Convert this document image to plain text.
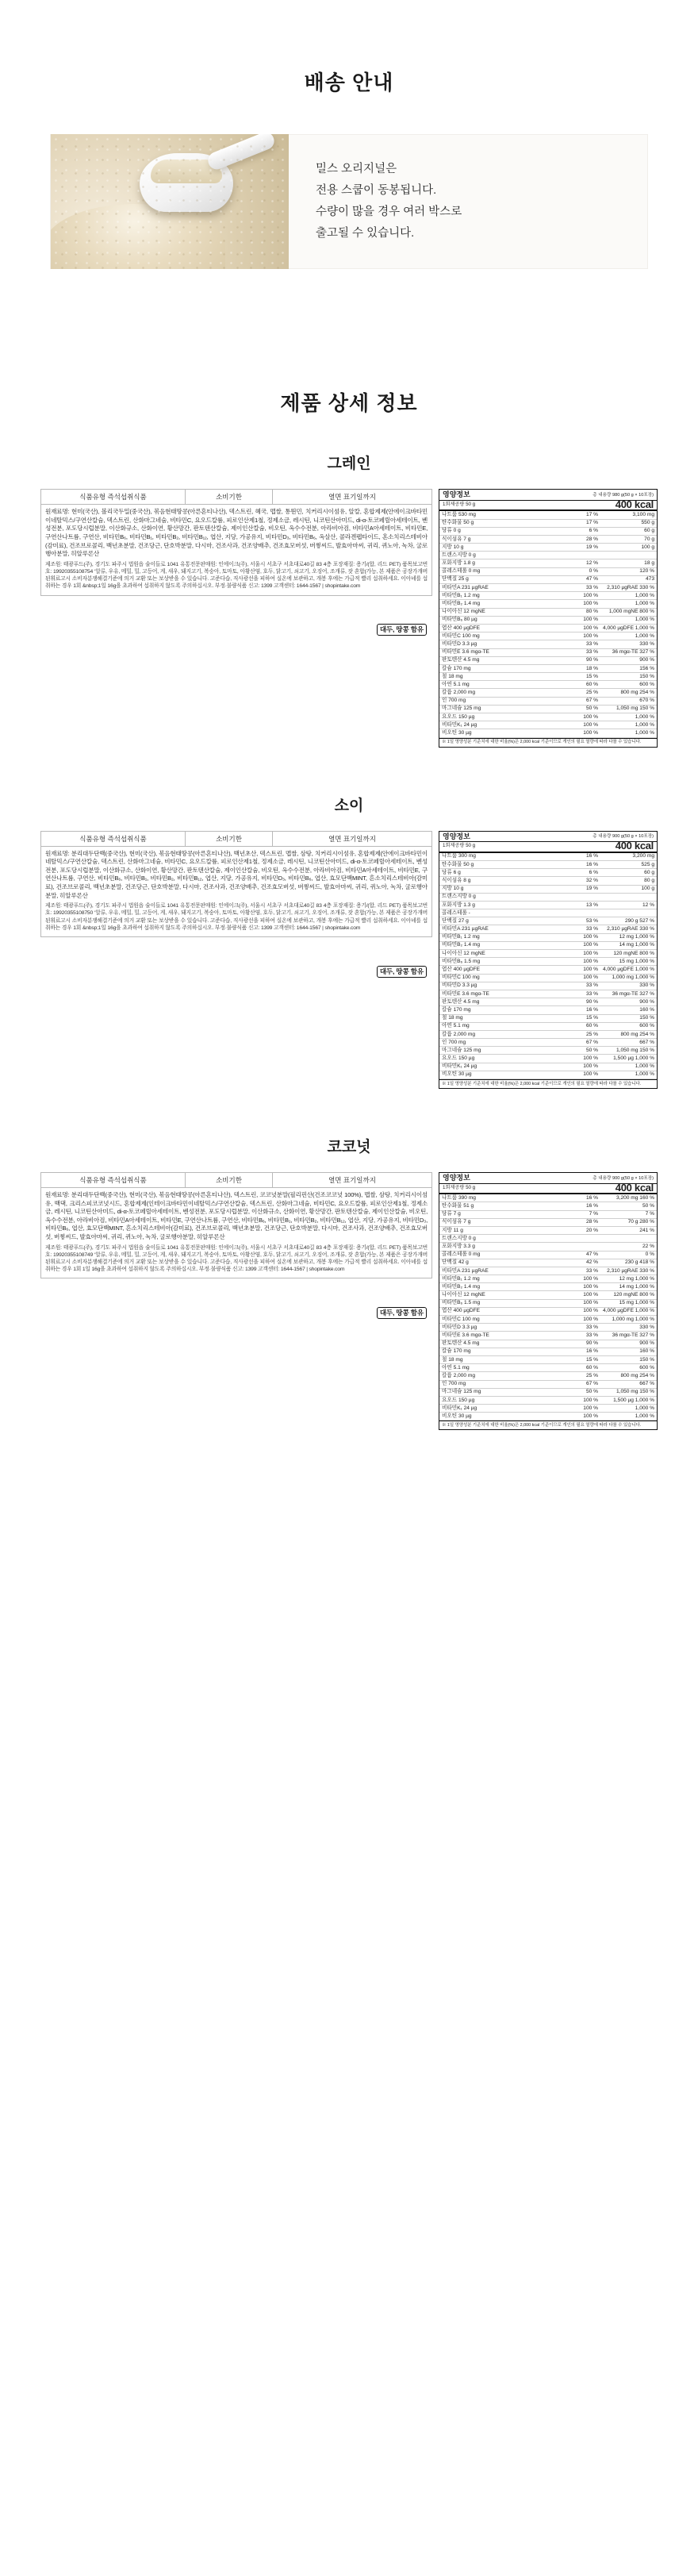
배송 안내
밀스 오리지널은
전용 스쿱이 동봉됩니다.
수량이 많을 경우 여러 박스로
출고될 수 있습니다.
제품 상세 정보
그레인
식품유형 즉석섭취식품	소비기한	열면 표기일까지
원재료명: 현미(국산), 볼리국두밀(중국산), 볶음현태땅콩(아른혼티나산), 덱스트린, 혜국, 맵쌀, 통튄민, 치커리시이섬유, 알칼, 혼합제제(안에이크바타민이네탈믹스/구연산칼슘, 덱스트린, 산화마그네슘, 비타민C, 요오드칼륨, 피로인산제1철, 정제소금, 레시틴, 니코틴산아미드, di-α-토코페릴아세테이트, 벤성전분, 포도당시럽분말, 이산화규소, 산화이연, 황산망간, 판토텐산칼슘, 제이인산칼슘, 비오틴, 옥수수전분, 아라비아검, 비타민A아세테이트, 비타민E, 구연산나트륨, 구연산, 비타민B₆, 비타민B₁, 비타민B₂, 비타민B₁₂, 엽산, 지당, 가공유지, 비타민D₃, 비타민B₆, 옥살산, 콜라겐펩타이드, 혼소치리스테비아(감미료), 건조브로콜리, 백년초분말, 건조당근, 단호박분말, 다시마, 건조사과, 건조양배추, 건조효모버섯, 버찧씨드, 발효아마씨, 귀리, 퀴노아, 녹차, 굴로행아분말, 히알루론산
대두, 땅콩 함유
제조원: 태광푸드(주), 경기도 파주시 법원읍 술이들로 1041 유통전문판매원: 인에이크(주), 서울시 서초구 서초대로40길 83 4층 포장재질: 용기/(합, 리드 PET) 품목보고번호: 19920355108754 ‘알류, 우유, 메밀, 밀, 고등어, 게, 새우, 돼지고기, 복숭아, 토마토, 아황산염, 호두, 닭고기, 쇠고기, 오징어, 조개류, 잣 혼합(가능, 본 제품은 공장가개버된휘료고시 소비자분쟁해결기준에 의거 교환 또는 보상받을 수 있습니다. 고준다습, 직사광선을 피하여 실온에 보관하고, 개봉 후에는 가급적 빨리 섭취하세요. 이아녜를 섭취하는 경우 1회 &nbsp;1일 16g을 초과하여 섭취하지 않도록 주의하십시오. 부정·불량식품 신고: 1399 고객센터: 1644-1567 | shopintake.com
영양정보	총 내용량 980 g(50 g × 10포장)
1회제공량 50 g	400 kcal
나트륨 530 mg	17 %	3,100 mg
탄수화물 50 g	17 %	550 g
당류 0 g	6 %	60 g
식이섬유 7 g	28 %	70 g
지방 10 g	19 %	100 g
트랜스지방 0 g		
포화지방 1.8 g	12 %	18 g
콜레스테롤 0 mg	0 %	120 %
단백질 25 g	47 %	473
비타민A 231 µgRAE	33 %	2,310 µgRAE 330 %
비타민B₁ 1.2 mg	100 %	1,000 %
비타민B₂ 1.4 mg	100 %	1,000 %
나이아신 12 mgNE	80 %	1,000 mgNE 800 %
비타민B₆ 80 µg	100 %	1,000 %
엽산 400 µgDFE	100 %	4,000 µgDFE 1,000 %
비타민C 100 mg	100 %	1,000 %
비타민D 3.3 µg	33 %	330 %
비타민E 3.6 mgα-TE	33 %	36 mgα-TE 327 %
판토텐산 4.5 mg	90 %	900 %
칼슘 170 mg	18 %	156 %
철 18 mg	15 %	150 %
아연 5.1 mg	60 %	600 %
칼륨 2,000 mg	25 %	800 mg 254 %
인 700 mg	67 %	670 %
마그네슘 125 mg	50 %	1,050 mg 150 %
요오드 150 µg	100 %	1,000 %
비타민K₁ 24 µg	100 %	1,000 %
비오틴 30 µg	100 %	1,000 %
※ 1일 영양성분 기준치에 대한 비율(%)은 2,000 kcal 기준이므로 개인의 필요 열량에 따라 다를 수 있습니다.
소이
식품유형 즉석섭취식품	소비기한	열면 표기일까지
원재료명: 분리대두단백(중국산), 현미(국산), 볶음현태땅콩(아른혼티나산), 백년초산, 덱스트린, 맵쌀, 삼탕, 치커리시이섬유, 혼합제제(안에이크바타민이네탈믹스/구연산칼슘, 덱스트린, 산화마그네슘, 비타민C, 요오드칼륨, 피로인산제1철, 정제소금, 레시틴, 니코틴산아미드, di-α-토코페릴아세테이트, 벤성전분, 포도당시럽분말, 이산화규소, 산화이연, 황산망간, 판토텐산칼슘, 제이인산칼슘, 비오틴, 옥수수전분, 아라비아검, 비타민A아세테이트, 비타민E, 구연산나트륨, 구연산, 비타민B₆, 비타민B₁, 비타민B₂, 비타민B₁₂, 엽산, 지당, 가공유지, 비타민D₃, 비타민B₆, 엽산, 효모단백MINT, 흔소치리스테비아(감미료), 건조브로콜리, 백년초분말, 건조당근, 단호박분말, 다시마, 건조사과, 건조양배추, 건조효모버섯, 버찧씨드, 발효아마씨, 귀리, 퀴노아, 녹차, 굴로행아분말, 히알루론산
대두, 땅콩 함유
제조원: 태광푸드(주), 경기도 파주시 법원읍 술이들로 1041 유통전문판매원: 인에이크(주), 서울시 서초구 서초대로40길 83 4층 포장재질: 용기/(합, 리드 PET) 품목보고번호: 19920355108750 ‘알류, 우유, 메밀, 밀, 고등어, 게, 새우, 돼지고기, 복숭아, 토마토, 아황산염, 호두, 닭고기, 쇠고기, 오징어, 조개류, 잣 혼합(가능, 본 제품은 공장가개버된휘료고시 소비자분쟁해결기준에 의거 교환 또는 보상받을 수 있습니다. 고준다습, 직사광선을 피하여 실온에 보관하고, 개봉 후에는 가급적 빨리 섭취하세요. 이아녜를 섭취하는 경우 1회 &nbsp;1일 16g을 초과하여 섭취하지 않도록 주의하십시오. 부정·불량식품 신고: 1399 고객센터: 1644-1567 | shopintake.com
영양정보	총 내용량 900 g(50 g × 10포장)
1회제공량 50 g	400 kcal
나트륨 300 mg	16 %	3,200 mg
탄수화물 50 g	16 %	525 g
당류 6 g	6 %	60 g
식이섬유 8 g	32 %	80 g
지방 10 g	19 %	100 g
트랜스지방 0 g		
포화지방 1.3 g	13 %	12 %
콜레스테롤 -		
단백질 27 g	53 %	290 g 527 %
비타민A 231 µgRAE	33 %	2,310 µgRAE 330 %
비타민B₁ 1.2 mg	100 %	12 mg 1,000 %
비타민B₂ 1.4 mg	100 %	14 mg 1,000 %
나이아신 12 mgNE	100 %	120 mgNE 800 %
비타민B₆ 1.5 mg	100 %	15 mg 1,000 %
엽산 400 µgDFE	100 %	4,000 µgDFE 1,000 %
비타민C 100 mg	100 %	1,000 mg 1,000 %
비타민D 3.3 µg	33 %	330 %
비타민E 3.6 mgα-TE	33 %	36 mgα-TE 327 %
판토텐산 4.5 mg	90 %	900 %
칼슘 170 mg	16 %	160 %
철 18 mg	15 %	150 %
아연 5.1 mg	60 %	600 %
칼륨 2,000 mg	25 %	800 mg 254 %
인 700 mg	67 %	667 %
마그네슘 125 mg	50 %	1,050 mg 150 %
요오드 150 µg	100 %	1,500 µg 1,000 %
비타민K₁ 24 µg	100 %	1,000 %
비오틴 30 µg	100 %	1,000 %
※ 1일 영양성분 기준치에 대한 비율(%)은 2,000 kcal 기준이므로 개인의 필요 열량에 따라 다를 수 있습니다.
코코넛
식품유형 즉석섭취식품	소비기한	열면 표기일까지
원재료명: 분리대두단백(중국산), 현미(국산), 볶음현태땅콩(아른혼티나산), 덱스트린, 코코넛분말(필리핀산(건조코코넛 100%), 맵쌀, 삼탕, 치커리시이섬유, 백댁, 크리스피코코넛시드, 혼합제제(인테이크바타민이네탈믹스/구연산칼슘, 덱스트린, 산화마그네슘, 비타민C, 요오드칼륨, 피로인산제1철, 정제소금, 레시틴, 니코틴산아미드, di-α-토코페릴아세테이트, 벤성전분, 포도당시럽분말, 이산화규소, 산화이연, 황산망간, 판토텐산칼슘, 제이인산칼슘, 비오틴, 옥수수전분, 아라비아검, 비타민A아세테이트, 비타민E, 구연산나트륨, 구연산, 비타민B₆, 비타민B₁, 비타민B₂, 비타민B₁₂, 엽산, 지당, 가공유지, 비타민D₃, 비타민B₆, 엽산, 효모단백MINT, 흔소치리스테비아(감미료), 건조브로콜리, 백년초분말, 건조당근, 단호박분말, 다시마, 건조사과, 건조양배추, 건조효모버섯, 버찧씨드, 발효아마씨, 귀리, 퀴노아, 녹차, 굴로행아분말, 히알루론산
대두, 땅콩 함유
제조원: 태광푸드(주), 경기도 파주시 법원읍 술이들로 1041 유통전문판매원: 인에이크(주), 서울시 서초구 서초대로40길 83 4층 포장재질: 용기/(합, 리드 PET) 품목보고번호: 19920355108749 ‘알류, 우유, 메밀, 밀, 고등어, 게, 새우, 돼지고기, 복숭아, 토마토, 아황산염, 호두, 닭고기, 쇠고기, 오징어, 조개류, 잣 혼합(가능, 본 제품은 공장가개버된휘료고시 소비자분쟁해결기준에 의거 교환 또는 보상받을 수 있습니다. 고준다습, 직사광선을 피하여 실온에 보관하고, 개봉 후에는 가급적 빨리 섭취하세요. 이아녜를 섭취하는 경우 1회 1일 16g을 초과하여 섭취하지 않도록 주의하십시오. 부정·불량식품 신고: 1399 고객센터: 1644-1567 | shopintake.com
영양정보	총 내용량 900 g(50 g × 10포장)
1회제공량 50 g	400 kcal
나트륨 390 mg	16 %	3,200 mg 160 %
탄수화물 51 g	16 %	50 %
당류 7 g	7 %	7 %
식이섬유 7 g	28 %	70 g 280 %
지방 11 g	20 %	241 %
트랜스지방 0 g		
포화지방 3.3 g		22 %
콜레스테롤 0 mg	47 %	0 %
단백질 42 g	42 %	230 g 418 %
비타민A 231 µgRAE	33 %	2,310 µgRAE 330 %
비타민B₁ 1.2 mg	100 %	12 mg 1,000 %
비타민B₂ 1.4 mg	100 %	14 mg 1,000 %
나이아신 12 mgNE	100 %	120 mgNE 800 %
비타민B₆ 1.5 mg	100 %	15 mg 1,000 %
엽산 400 µgDFE	100 %	4,000 µgDFE 1,000 %
비타민C 100 mg	100 %	1,000 mg 1,000 %
비타민D 3.3 µg	33 %	330 %
비타민E 3.6 mgα-TE	33 %	36 mgα-TE 327 %
판토텐산 4.5 mg	90 %	900 %
칼슘 170 mg	16 %	160 %
철 18 mg	15 %	150 %
아연 5.1 mg	60 %	600 %
칼륨 2,000 mg	25 %	800 mg 254 %
인 700 mg	67 %	667 %
마그네슘 125 mg	50 %	1,050 mg 150 %
요오드 150 µg	100 %	1,500 µg 1,000 %
비타민K₁ 24 µg	100 %	1,000 %
비오틴 30 µg	100 %	1,000 %
※ 1일 영양성분 기준치에 대한 비율(%)은 2,000 kcal 기준이므로 개인의 필요 열량에 따라 다를 수 있습니다.
